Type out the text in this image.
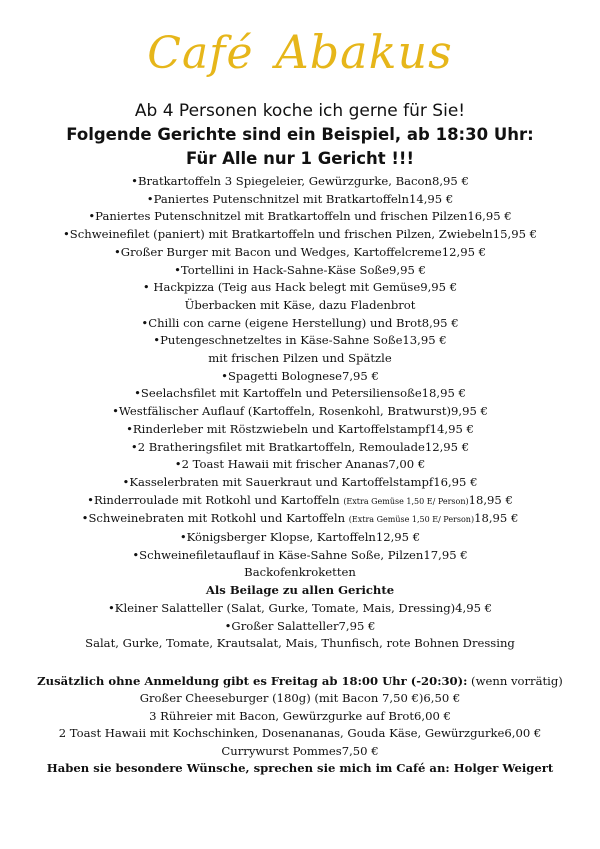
Café Abakus
Ab 4 Personen koche ich gerne für Sie!
Folgende Gerichte sind ein Beispiel, ab 18:30 Uhr:
Für Alle nur 1 Gericht !!!
•Bratkartoffeln 3 Spiegeleier, Gewürzgurke, Bacon8,95 €
•Paniertes Putenschnitzel mit Bratkartoffeln14,95 €
•Paniertes Putenschnitzel mit Bratkartoffeln und frischen Pilzen16,95 €
•Schweinefilet (paniert) mit Bratkartoffeln und frischen Pilzen, Zwiebeln15,95 €
•Großer Burger mit Bacon und Wedges, Kartoffelcreme12,95 €
•Tortellini in Hack-Sahne-Käse Soße9,95 €
• Hackpizza (Teig aus Hack belegt mit Gemüse9,95 €
Überbacken mit Käse, dazu Fladenbrot
•Chilli con carne (eigene Herstellung) und Brot8,95 €
•Putengeschnetzeltes in Käse-Sahne Soße13,95 €
mit frischen Pilzen und Spätzle
•Spagetti Bolognese7,95 €
•Seelachsfilet mit Kartoffeln und Petersiliensoße18,95 €
•Westfälischer Auflauf (Kartoffeln, Rosenkohl, Bratwurst)9,95 €
•Rinderleber mit Röstzwiebeln und Kartoffelstampf14,95 €
•2 Bratheringsfilet mit Bratkartoffeln, Remoulade12,95 €
•2 Toast Hawaii mit frischer Ananas7,00 €
•Kasselerbraten mit Sauerkraut und Kartoffelstampf16,95 €
•Rinderroulade mit Rotkohl und Kartoffeln (Extra Gemüse 1,50 E/ Person)18,95 €
•Schweinebraten mit Rotkohl und Kartoffeln (Extra Gemüse 1,50 E/ Person)18,95 €
•Königsberger Klopse, Kartoffeln12,95 €
•Schweinefiletauflauf in Käse-Sahne Soße, Pilzen17,95 €
Backofenkroketten
Als Beilage zu allen Gerichte
•Kleiner Salatteller (Salat, Gurke, Tomate, Mais, Dressing)4,95 €
•Großer Salatteller7,95 €
Salat, Gurke, Tomate, Krautsalat, Mais, Thunfisch, rote Bohnen Dressing
Zusätzlich ohne Anmeldung gibt es Freitag ab 18:00 Uhr (-20:30): (wenn vorrätig)
Großer Cheeseburger (180g) (mit Bacon 7,50 €)6,50 €
3 Rühreier mit Bacon, Gewürzgurke auf Brot6,00 €
2 Toast Hawaii mit Kochschinken, Dosenananas, Gouda Käse, Gewürzgurke6,00 €
Currywurst Pommes7,50 €
Haben sie besondere Wünsche, sprechen sie mich im Café an: Holger Weigert
